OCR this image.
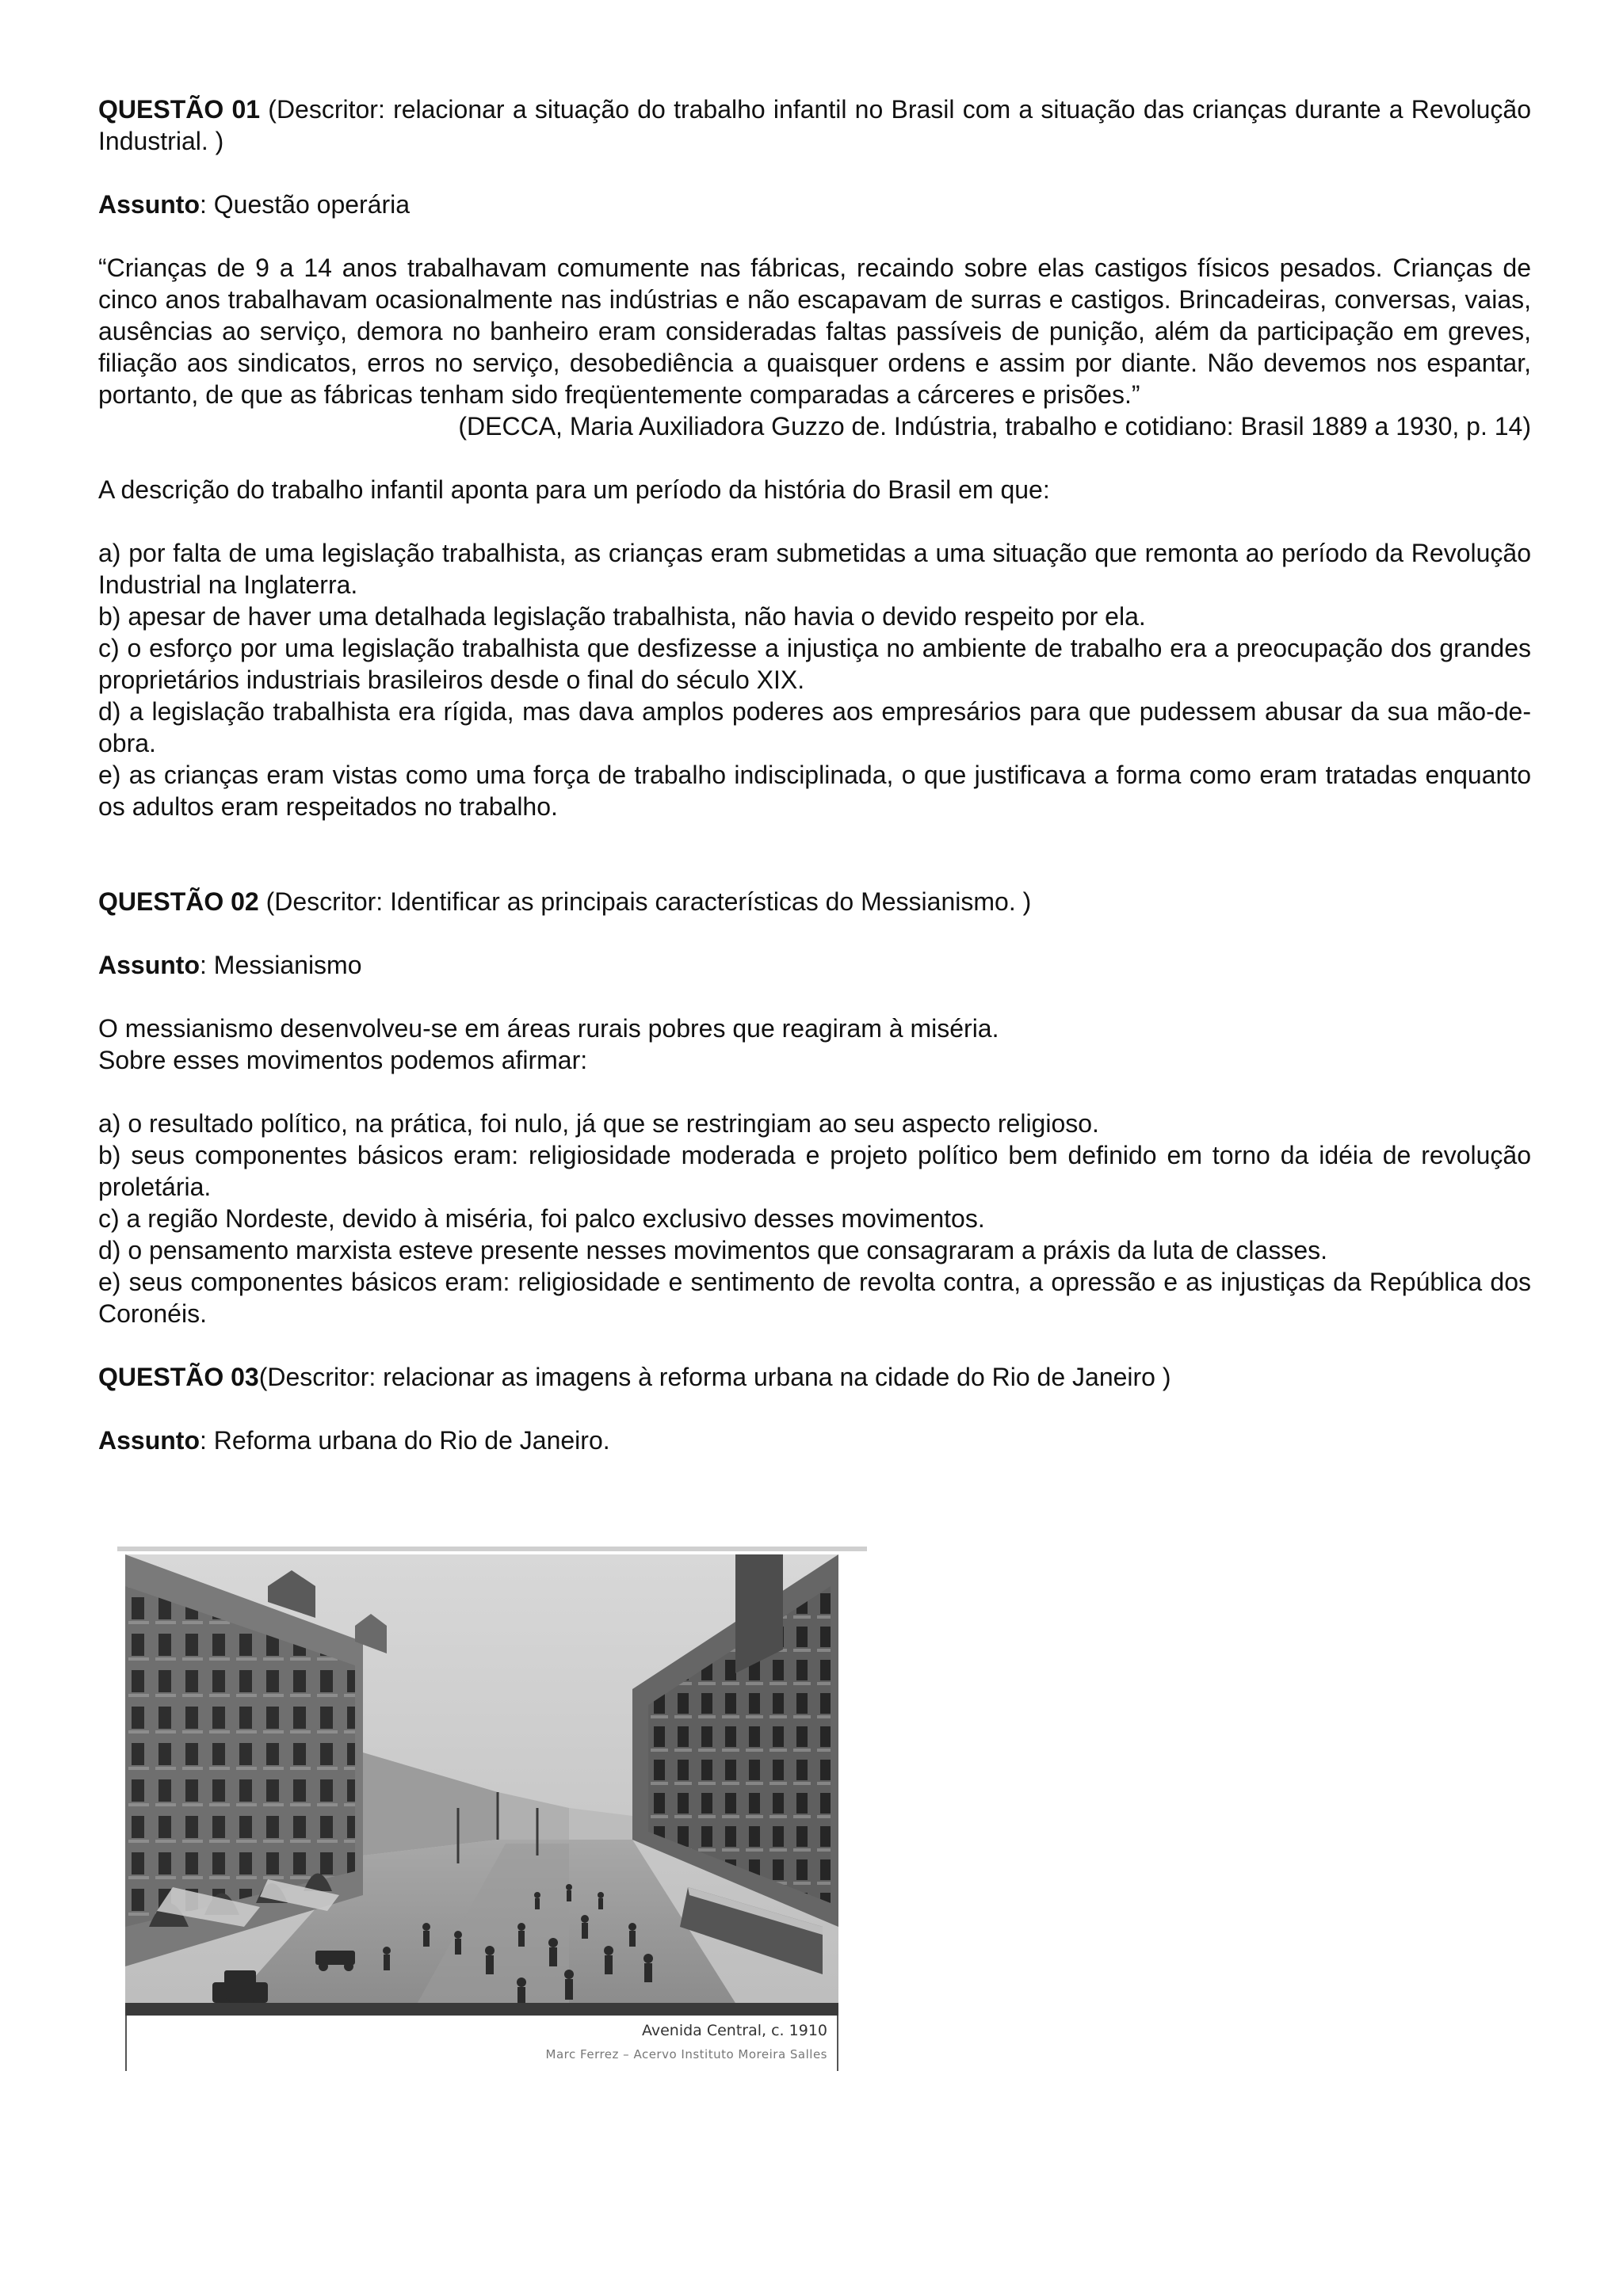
QUESTÃO 01 (Descritor: relacionar a situação do trabalho infantil no Brasil com a situação das crianças durante a Revolução Industrial. )

Assunto: Questão operária

“Crianças de 9 a 14 anos trabalhavam comumente nas fábricas, recaindo sobre elas castigos físicos pesados. Crianças de cinco anos trabalhavam ocasionalmente nas indústrias e não escapavam de surras e castigos. Brincadeiras, conversas, vaias, ausências ao serviço, demora no banheiro eram consideradas faltas passíveis de punição, além da participação em greves, filiação aos sindicatos, erros no serviço, desobediência a quaisquer ordens e assim por diante. Não devemos nos espantar, portanto, de que as fábricas tenham sido freqüentemente comparadas a cárceres e prisões.”

(DECCA, Maria Auxiliadora Guzzo de. Indústria, trabalho e cotidiano: Brasil 1889 a 1930, p. 14)

A descrição do trabalho infantil aponta para um período da história do Brasil em que:

a) por falta de uma legislação trabalhista, as crianças eram submetidas a uma situação que remonta ao período da Revolução Industrial na Inglaterra.

b) apesar de haver uma detalhada legislação trabalhista, não havia o devido respeito por ela.

c) o esforço por uma legislação trabalhista que desfizesse a injustiça no ambiente de trabalho era a preocupação dos grandes proprietários industriais brasileiros desde o final do século XIX.

d) a legislação trabalhista era rígida, mas dava amplos poderes aos empresários para que pudessem abusar da sua mão-de-obra.

e) as crianças eram vistas como uma força de trabalho indisciplinada, o que justificava a forma como eram tratadas enquanto os adultos eram respeitados no trabalho.

QUESTÃO 02 (Descritor: Identificar as principais características do Messianismo. )

Assunto: Messianismo

O messianismo desenvolveu-se em áreas rurais pobres que reagiram à miséria.

Sobre esses movimentos podemos afirmar:

a) o resultado político, na prática, foi nulo, já que se restringiam ao seu aspecto religioso.

b) seus componentes básicos eram: religiosidade moderada e projeto político bem definido em torno da idéia de revolução proletária.

c) a região Nordeste, devido à miséria, foi palco exclusivo desses movimentos.

d) o pensamento marxista esteve presente nesses movimentos que consagraram a práxis da luta de classes.

e) seus componentes básicos eram: religiosidade e sentimento de revolta contra, a opressão e as injustiças da República dos Coronéis.

QUESTÃO 03(Descritor: relacionar as imagens à reforma urbana na cidade do Rio de Janeiro )

Assunto: Reforma urbana do Rio de Janeiro.

Avenida Central, c. 1910
Marc Ferrez – Acervo Instituto Moreira Salles
